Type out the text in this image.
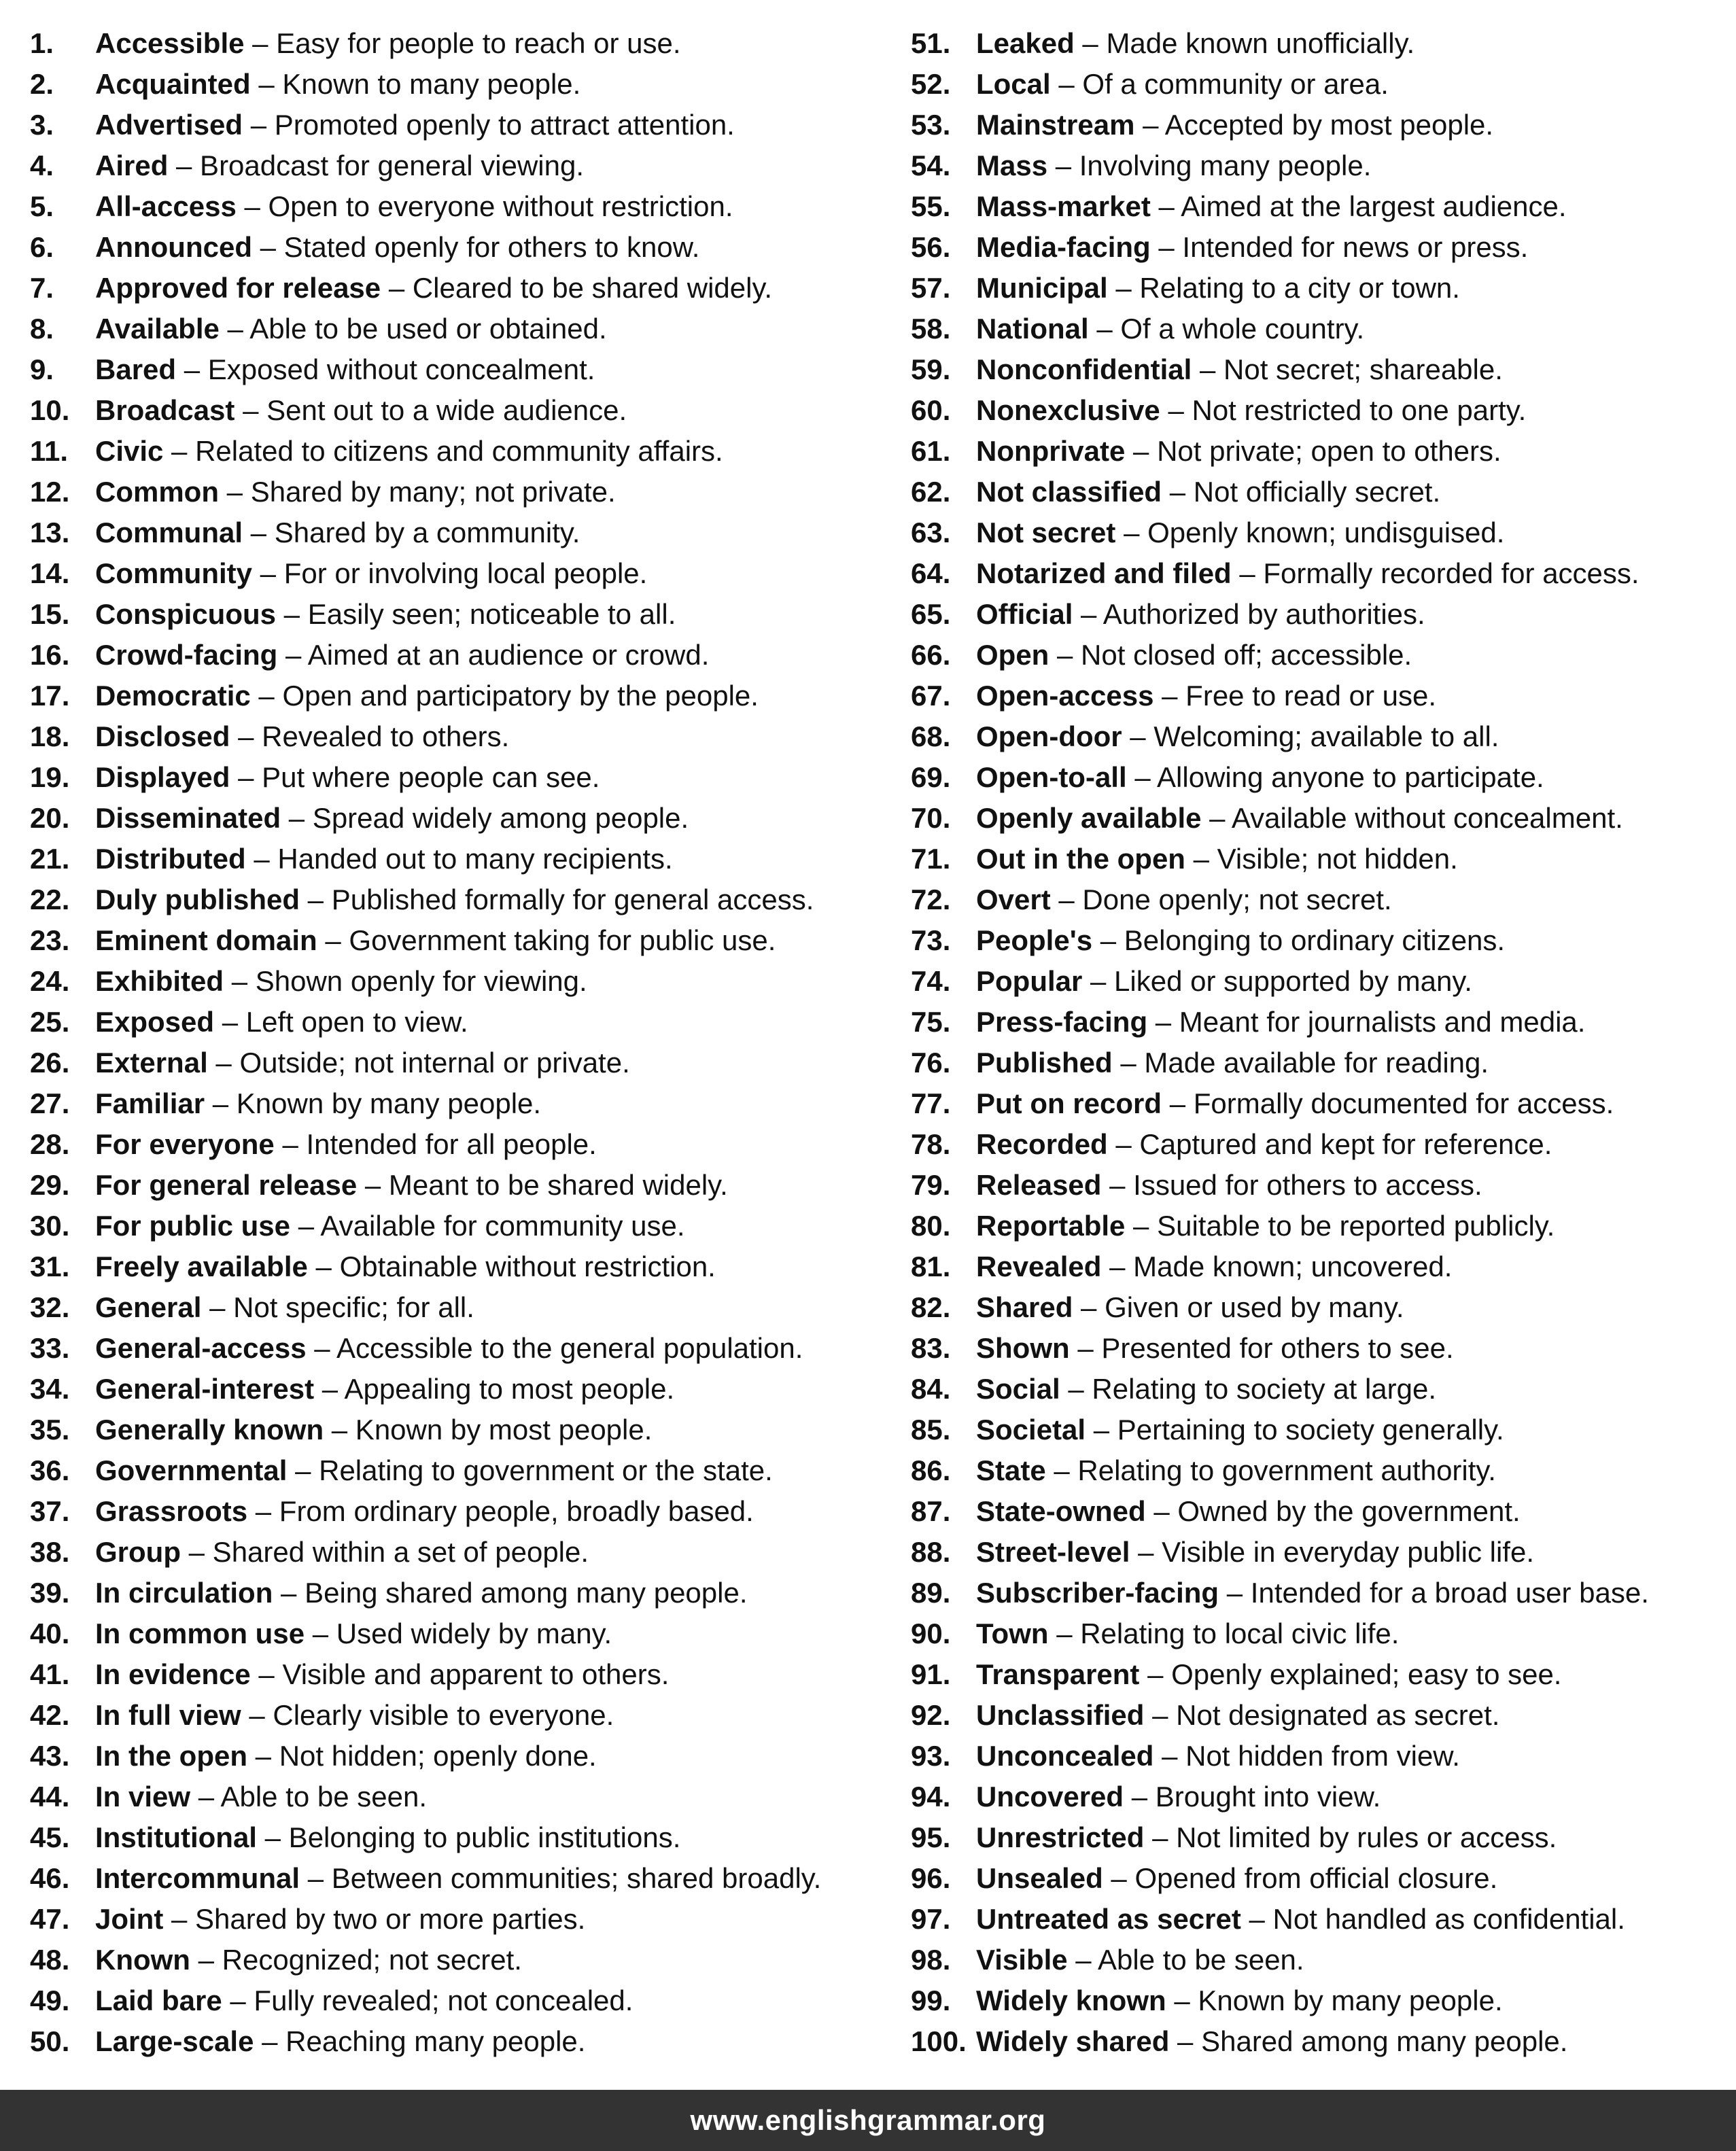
1.	Accessible – Easy for people to reach or use.
2.	Acquainted – Known to many people.
3.	Advertised – Promoted openly to attract attention.
4.	Aired – Broadcast for general viewing.
5.	All-access – Open to everyone without restriction.
6.	Announced – Stated openly for others to know.
7.	Approved for release – Cleared to be shared widely.
8.	Available – Able to be used or obtained.
9.	Bared – Exposed without concealment.
10. Broadcast – Sent out to a wide audience.
11. Civic – Related to citizens and community affairs.
12. Common – Shared by many; not private.
13. Communal – Shared by a community.
14. Community – For or involving local people.
15. Conspicuous – Easily seen; noticeable to all.
16. Crowd-facing – Aimed at an audience or crowd.
17. Democratic – Open and participatory by the people.
18. Disclosed – Revealed to others.
19. Displayed – Put where people can see.
20. Disseminated – Spread widely among people.
21. Distributed – Handed out to many recipients.
22. Duly published – Published formally for general access.
23. Eminent domain – Government taking for public use.
24. Exhibited – Shown openly for viewing.
25. Exposed – Left open to view.
26. External – Outside; not internal or private.
27. Familiar – Known by many people.
28. For everyone – Intended for all people.
29. For general release – Meant to be shared widely.
30. For public use – Available for community use.
31. Freely available – Obtainable without restriction.
32. General – Not specific; for all.
33. General-access – Accessible to the general population.
34. General-interest – Appealing to most people.
35. Generally known – Known by most people.
36. Governmental – Relating to government or the state.
37. Grassroots – From ordinary people, broadly based.
38. Group – Shared within a set of people.
39. In circulation – Being shared among many people.
40. In common use – Used widely by many.
41. In evidence – Visible and apparent to others.
42. In full view – Clearly visible to everyone.
43. In the open – Not hidden; openly done.
44. In view – Able to be seen.
45. Institutional – Belonging to public institutions.
46. Intercommunal – Between communities; shared broadly.
47. Joint – Shared by two or more parties.
48. Known – Recognized; not secret.
49. Laid bare – Fully revealed; not concealed.
50. Large-scale – Reaching many people.
51. Leaked – Made known unofficially.
52. Local – Of a community or area.
53. Mainstream – Accepted by most people.
54. Mass – Involving many people.
55. Mass-market – Aimed at the largest audience.
56. Media-facing – Intended for news or press.
57. Municipal – Relating to a city or town.
58. National – Of a whole country.
59. Nonconfidential – Not secret; shareable.
60. Nonexclusive – Not restricted to one party.
61. Nonprivate – Not private; open to others.
62. Not classified – Not officially secret.
63. Not secret – Openly known; undisguised.
64. Notarized and filed – Formally recorded for access.
65. Official – Authorized by authorities.
66. Open – Not closed off; accessible.
67. Open-access – Free to read or use.
68. Open-door – Welcoming; available to all.
69. Open-to-all – Allowing anyone to participate.
70. Openly available – Available without concealment.
71. Out in the open – Visible; not hidden.
72. Overt – Done openly; not secret.
73. People's – Belonging to ordinary citizens.
74. Popular – Liked or supported by many.
75. Press-facing – Meant for journalists and media.
76. Published – Made available for reading.
77. Put on record – Formally documented for access.
78. Recorded – Captured and kept for reference.
79. Released – Issued for others to access.
80. Reportable – Suitable to be reported publicly.
81. Revealed – Made known; uncovered.
82. Shared – Given or used by many.
83. Shown – Presented for others to see.
84. Social – Relating to society at large.
85. Societal – Pertaining to society generally.
86. State – Relating to government authority.
87. State-owned – Owned by the government.
88. Street-level – Visible in everyday public life.
89. Subscriber-facing – Intended for a broad user base.
90. Town – Relating to local civic life.
91. Transparent – Openly explained; easy to see.
92. Unclassified – Not designated as secret.
93. Unconcealed – Not hidden from view.
94. Uncovered – Brought into view.
95. Unrestricted – Not limited by rules or access.
96. Unsealed – Opened from official closure.
97. Untreated as secret – Not handled as confidential.
98. Visible – Able to be seen.
99. Widely known – Known by many people.
100. Widely shared – Shared among many people.
www.englishgrammar.org
